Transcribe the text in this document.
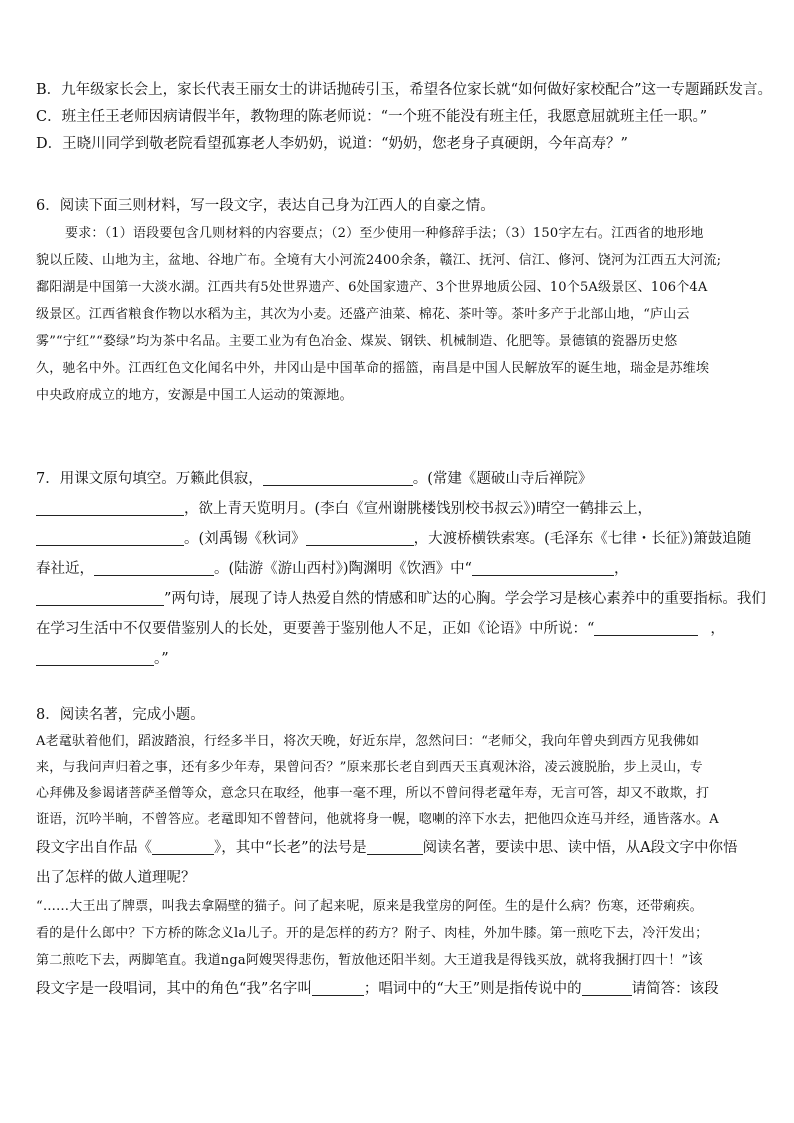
B．九年级家长会上，家长代表王丽女士的讲话抛砖引玉，希望各位家长就“如何做好家校配合”这一专题踊跃发言。
C．班主任王老师因病请假半年，教物理的陈老师说：“一个班不能没有班主任，我愿意屈就班主任一职。”
D．王晓川同学到敬老院看望孤寡老人李奶奶，说道：“奶奶，您老身子真硬朗，今年高寿？”
6．阅读下面三则材料，写一段文字，表达自己身为江西人的自豪之情。
要求：（1）语段要包含几则材料的内容要点；（2）至少使用一种修辞手法；（3）150字左右。江西省的地形地
貌以丘陵、山地为主，盆地、谷地广布。全境有大小河流2400余条，赣江、抚河、信江、修河、饶河为江西五大河流;
鄱阳湖是中国第一大淡水湖。江西共有5处世界遗产、6处国家遗产、3个世界地质公园、10个5A级景区、106个4A
级景区。江西省粮食作物以水稻为主，其次为小麦。还盛产油菜、棉花、茶叶等。茶叶多产于北部山地，“庐山云
雾”“宁红”“婺绿”均为茶中名品。主要工业为有色冶金、煤炭、钢铁、机械制造、化肥等。景德镇的瓷器历史悠
久，驰名中外。江西红色文化闻名中外，井冈山是中国革命的摇篮，南昌是中国人民解放军的诞生地，瑞金是苏维埃
中央政府成立的地方，安源是中国工人运动的策源地。
7．用课文原句填空。万籁此俱寂，	。(常建《题破山寺后禅院》
，欲上青天览明月。(李白《宣州谢朓楼饯别校书叔云》)晴空一鹤排云上，
。(刘禹锡《秋词》	，大渡桥横铁索寒。(毛泽东《七律・长征》)箫鼓追随
春社近，	。(陆游《游山西村》)陶渊明《饮酒》中“	，
”两句诗，展现了诗人热爱自然的情感和旷达的心胸。学会学习是核心素养中的重要指标。我们
在学习生活中不仅要借鉴别人的长处，更要善于鉴别他人不足，正如《论语》中所说：“	，
。”
8．阅读名著，完成小题。
A老鼋驮着他们，蹈波踏浪，行经多半日，将次天晚，好近东岸，忽然问曰：“老师父，我向年曾央到西方见我佛如
来，与我问声归着之事，还有多少年寿，果曾问否？”原来那长老自到西天玉真观沐浴，凌云渡脱胎，步上灵山，专
心拜佛及参谒诸菩萨圣僧等众，意念只在取经，他事一毫不理，所以不曾问得老鼋年寿，无言可答，却又不敢欺，打
诳语，沉吟半晌，不曾答应。老鼋即知不曾替问，他就将身一幌，唿喇的淬下水去，把他四众连马并经，通皆落水。A
段文字出自作品《	》，其中“长老”的法号是	阅读名著，要读中思、读中悟，从A段文字中你悟
出了怎样的做人道理呢？
“……大王出了牌票，叫我去拿隔壁的猫子。问了起来呢，原来是我堂房的阿侄。生的是什么病？伤寒，还带痢疾。
看的是什么郎中？下方桥的陈念义la儿子。开的是怎样的药方？附子、肉桂，外加牛膝。第一煎吃下去，冷汗发出；
第二煎吃下去，两脚笔直。我道nga阿嫂哭得悲伤，暂放他还阳半刻。大王道我是得钱买放，就将我捆打四十！”该
段文字是一段唱词，其中的角色“我”名字叫	；唱词中的“大王”则是指传说中的	请简答：该段
